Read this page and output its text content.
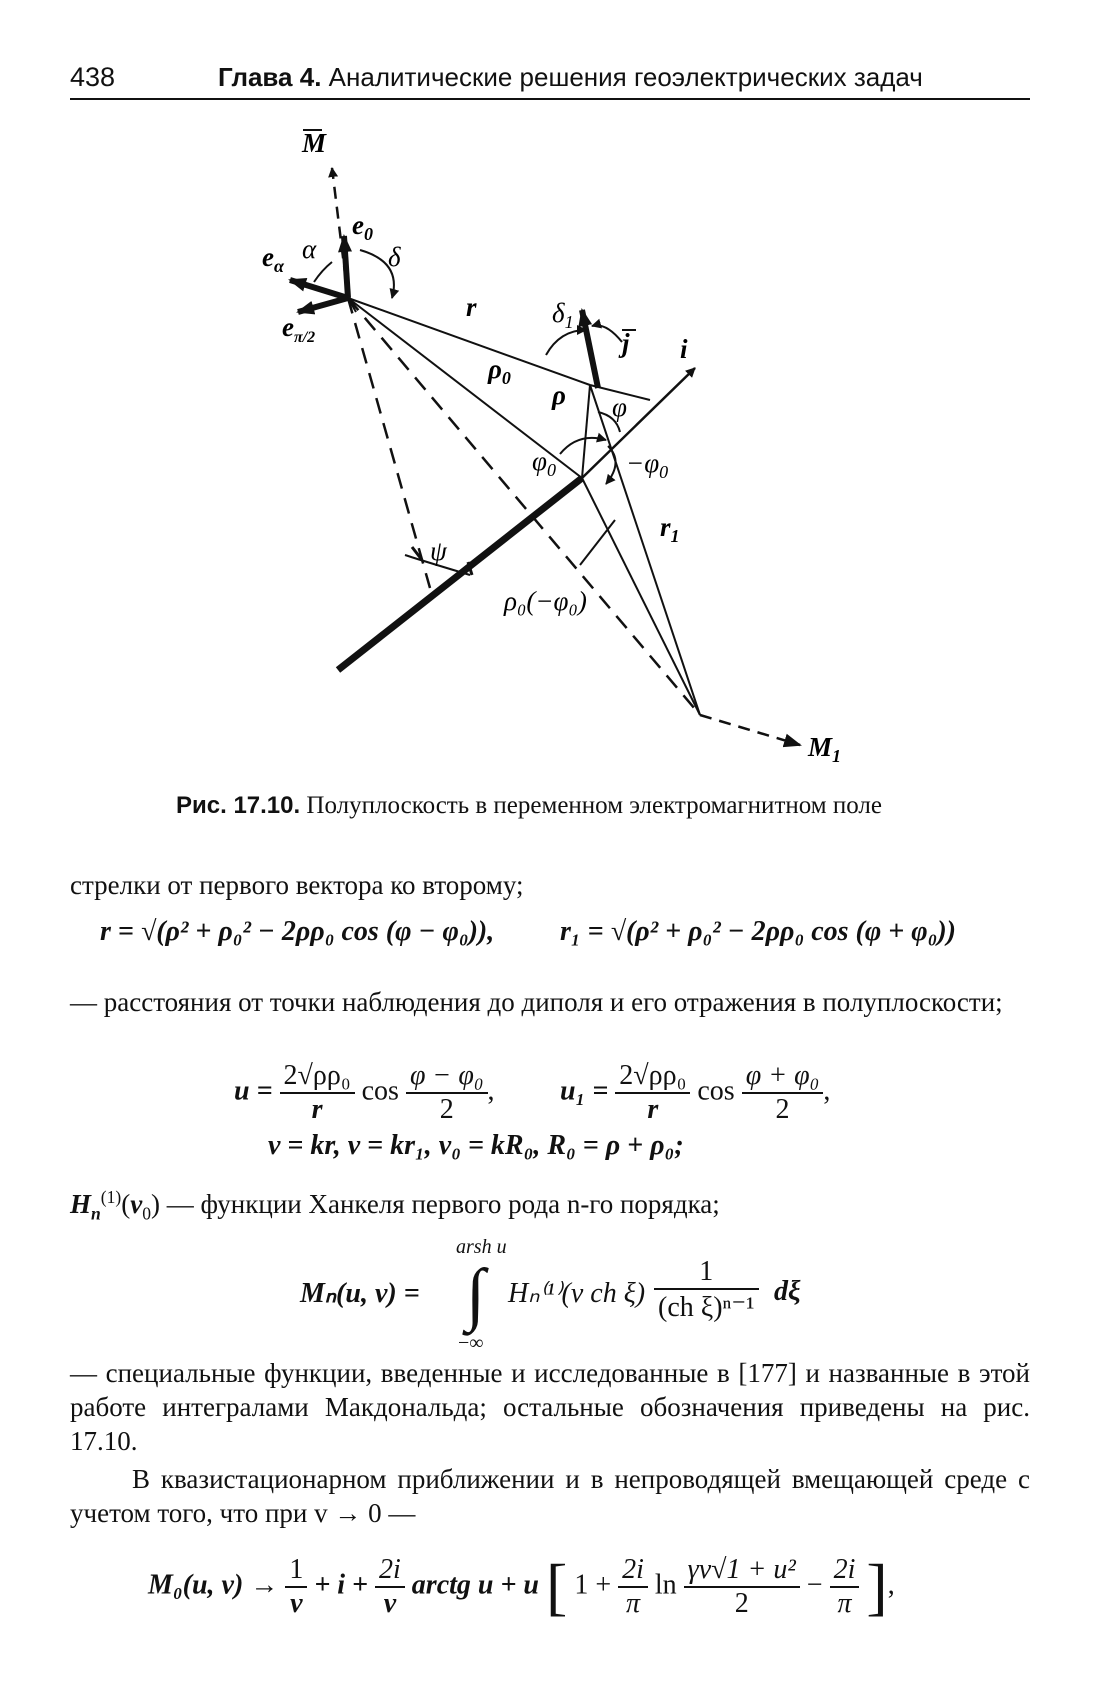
438	Глава 4. Аналитические решения геоэлектрических задач
M
$e_0$
$e_\alpha$
α	δ
$e_{\pi/2}$
r	$\delta_1$
j i
$\rho_0$
ρ φ
$\varphi_0$	$-\varphi_0$
$r_1$
ψ
ρ₀(−φ₀)
$M_1$
Рис. 17.10. Полуплоскость в переменном электромагнитном поле
стрелки от первого вектора ко второму;
r = √(ρ² + ρ₀² − 2ρρ₀ cos (φ − φ₀)), r₁ = √(ρ² + ρ₀² − 2ρρ₀ cos (φ + φ₀))
— расстояния от точки наблюдения до диполя и его отражения в полуплоскости;
$u = \frac{\text{2√ρρ₀}}{r}$ $\cos \frac{\text{φ − φ₀}}{2}$ , $u_1 = \frac{\text{2√ρρ₀}}{r}$ $\cos \frac{\text{φ + φ₀}}{2}$ ,
v = kr, v = kr₁, v₀ = kR₀, R₀ = ρ + ρ₀;
$H_n^{(1)}(v_0)$ — функции Ханкеля первого рода n-го порядка;
Mₙ(u, v) =
arsh u
∫
−∞
Hₙ⁽¹⁾(v ch $\xi) \frac{1}{\text{(ch ξ)ⁿ⁻¹}}$ dξ
— специальные функции, введенные и исследованные в [177] и названные в этой работе интегралами Макдональда; остальные обозначения приведены на рис. 17.10.
В квазистационарном приближении и в непроводящей вмещающей среде с учетом того, что при v → 0 —
M₀(u, $v) \to \frac{1}{v} + i + \frac{2i}{v}$ arctg u + u [ $1 + \frac{2i}{\pi}$ $\ln \frac{\text{γv√1 + u²}}{2} - \frac{2i}{\pi}$ ],
